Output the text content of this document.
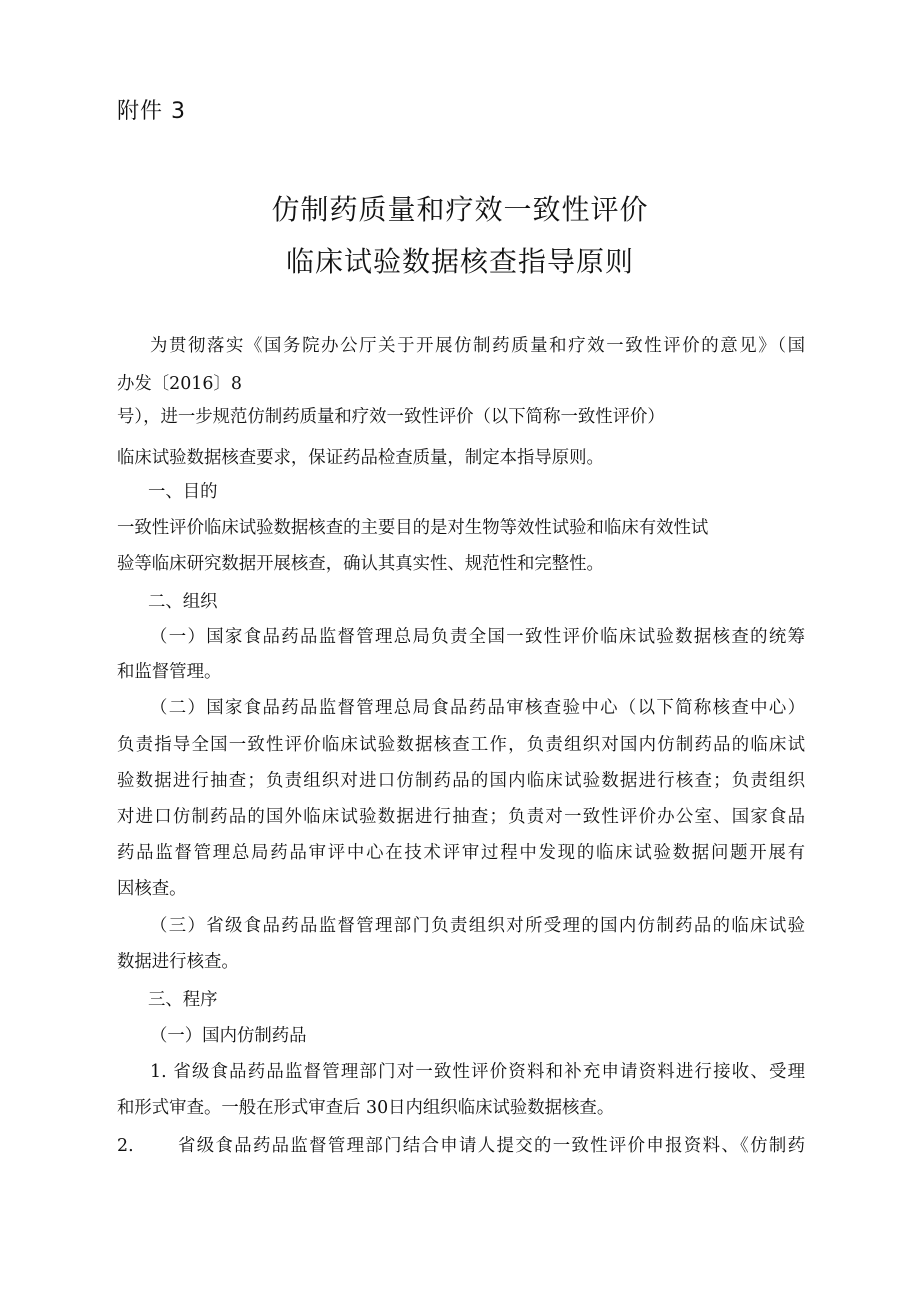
附件 3
仿制药质量和疗效一致性评价
临床试验数据核查指导原则
为贯彻落实《国务院办公厅关于开展仿制药质量和疗效一致性评价的意见》（国
办发〔2016〕8
号），进一步规范仿制药质量和疗效一致性评价（以下简称一致性评价）
临床试验数据核查要求，保证药品检查质量，制定本指导原则。
一、目的
一致性评价临床试验数据核查的主要目的是对生物等效性试验和临床有效性试
验等临床研究数据开展核查，确认其真实性、规范性和完整性。
二、组织
（一）国家食品药品监督管理总局负责全国一致性评价临床试验数据核查的统筹
和监督管理。
（二）国家食品药品监督管理总局食品药品审核查验中心（以下简称核查中心）
负责指导全国一致性评价临床试验数据核查工作，负责组织对国内仿制药品的临床试
验数据进行抽查；负责组织对进口仿制药品的国内临床试验数据进行核查；负责组织
对进口仿制药品的国外临床试验数据进行抽查；负责对一致性评价办公室、国家食品
药品监督管理总局药品审评中心在技术评审过程中发现的临床试验数据问题开展有
因核查。
（三）省级食品药品监督管理部门负责组织对所受理的国内仿制药品的临床试验
数据进行核查。
三、程序
（一）国内仿制药品
1. 省级食品药品监督管理部门对一致性评价资料和补充申请资料进行接收、受理
和形式审查。一般在形式审查后 30日内组织临床试验数据核查。
2.	省级食品药品监督管理部门结合申请人提交的一致性评价申报资料、《仿制药
